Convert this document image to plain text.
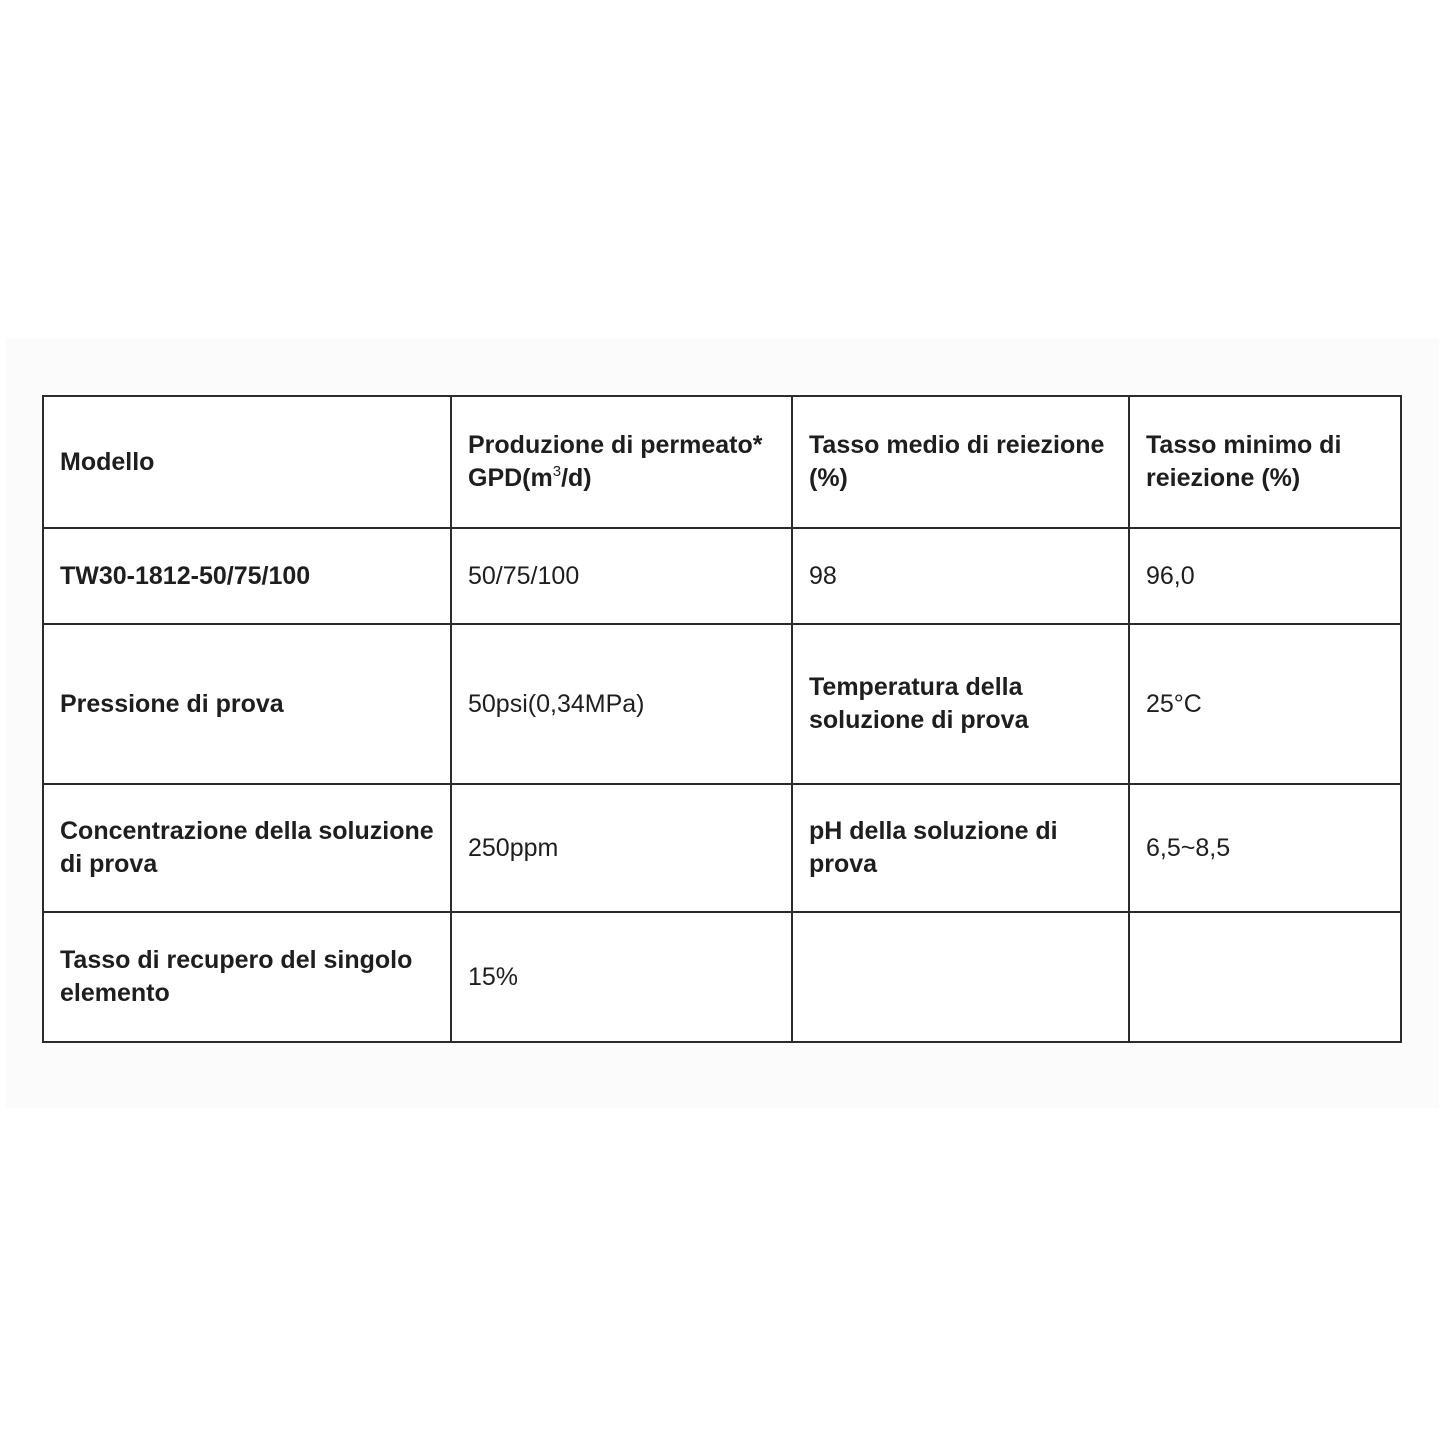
Modello	Produzione di permeato* $GPD(m^3/d)$	Tasso medio di reiezione (%)	Tasso minimo di reiezione (%)
TW30-1812-50/75/100	50/75/100	98	96,0
Pressione di prova	50psi(0,34MPa)	Temperatura della soluzione di prova	25°C
Concentrazione della soluzione di prova	250ppm	pH della soluzione di prova	6,5~8,5
Tasso di recupero del singolo elemento	15%		
